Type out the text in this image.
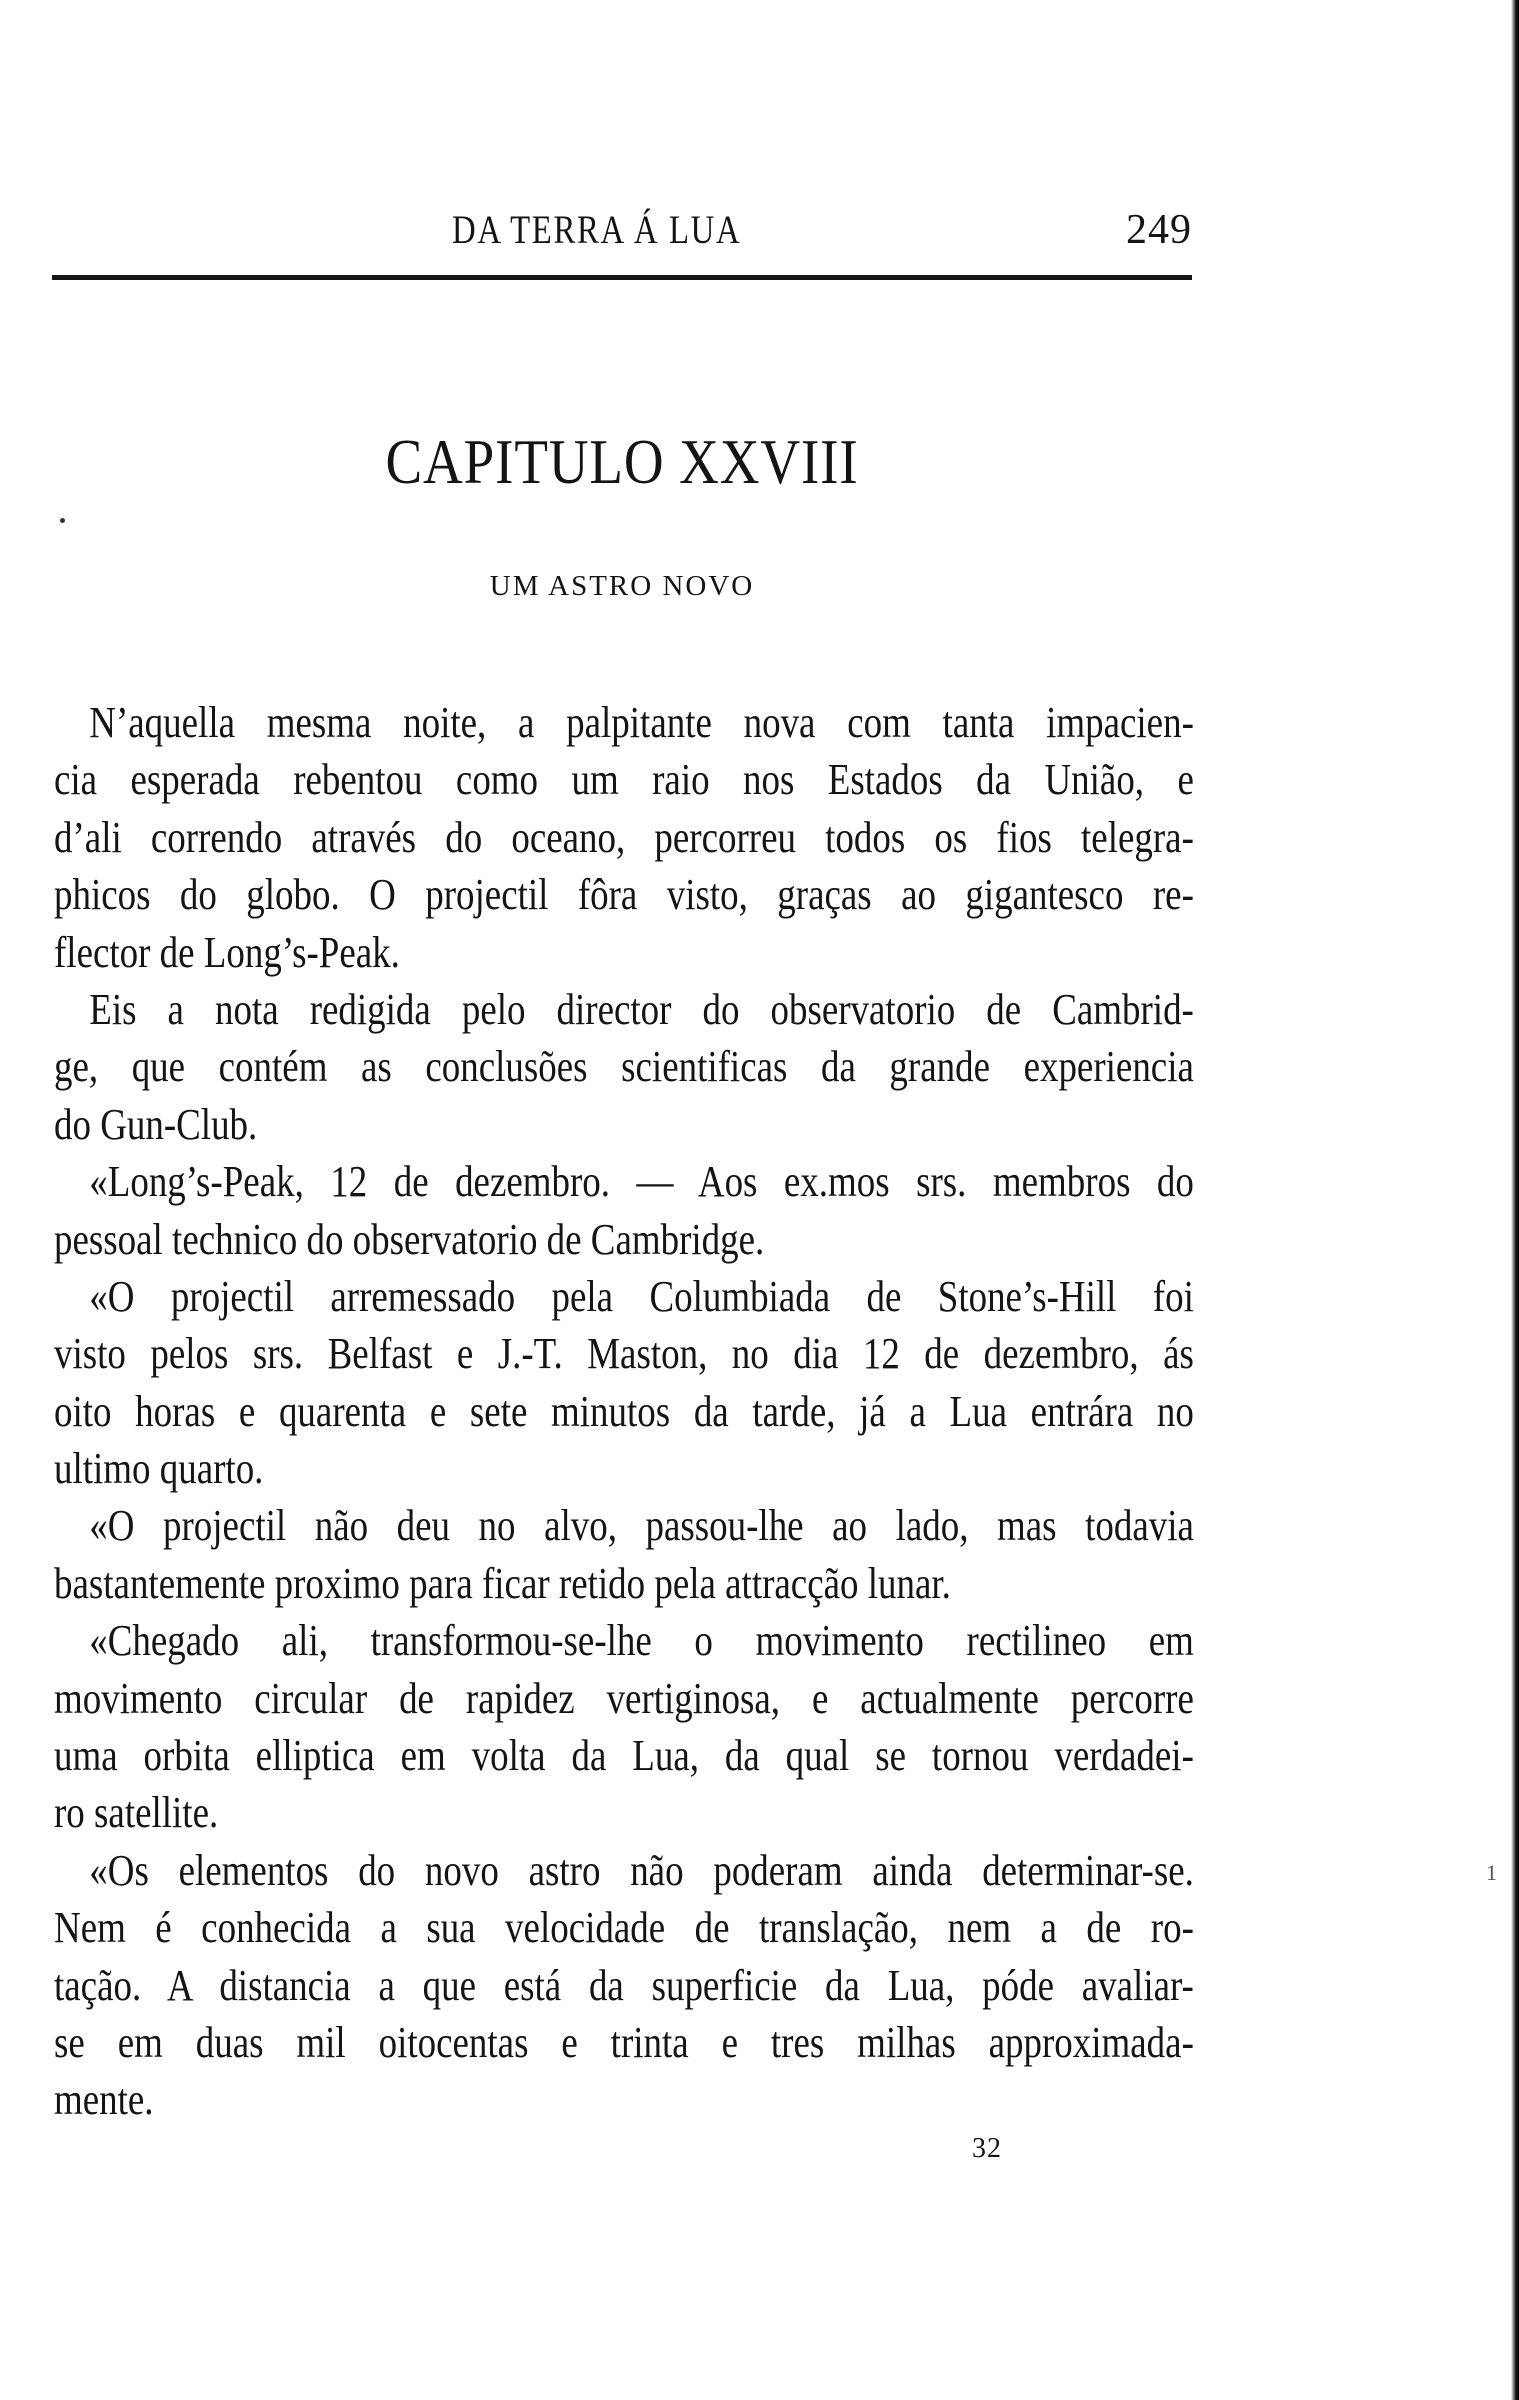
DA TERRA Á LUA	249
CAPITULO XXVIII
UM ASTRO NOVO

N’aquella mesma noite, a palpitante nova com tanta impacien-
cia esperada rebentou como um raio nos Estados da União, e
d’ali correndo através do oceano, percorreu todos os fios telegra-
phicos do globo. O projectil fôra visto, graças ao gigantesco re-
flector de Long’s-Peak.

Eis a nota redigida pelo director do observatorio de Cambrid-
ge, que contém as conclusões scientificas da grande experiencia
do Gun-Club.

«Long’s-Peak, 12 de dezembro. — Aos ex.mos srs. membros do
pessoal technico do observatorio de Cambridge.

«O projectil arremessado pela Columbiada de Stone’s-Hill foi
visto pelos srs. Belfast e J.-T. Maston, no dia 12 de dezembro, ás
oito horas e quarenta e sete minutos da tarde, já a Lua entrára no
ultimo quarto.

«O projectil não deu no alvo, passou-lhe ao lado, mas todavia
bastantemente proximo para ficar retido pela attracção lunar.

«Chegado ali, transformou-se-lhe o movimento rectilineo em
movimento circular de rapidez vertiginosa, e actualmente percorre
uma orbita elliptica em volta da Lua, da qual se tornou verdadei-
ro satellite.

«Os elementos do novo astro não poderam ainda determinar-se.
Nem é conhecida a sua velocidade de translação, nem a de ro-
tação. A distancia a que está da superficie da Lua, póde avaliar-
se em duas mil oitocentas e trinta e tres milhas approximada-
mente.

32
1
